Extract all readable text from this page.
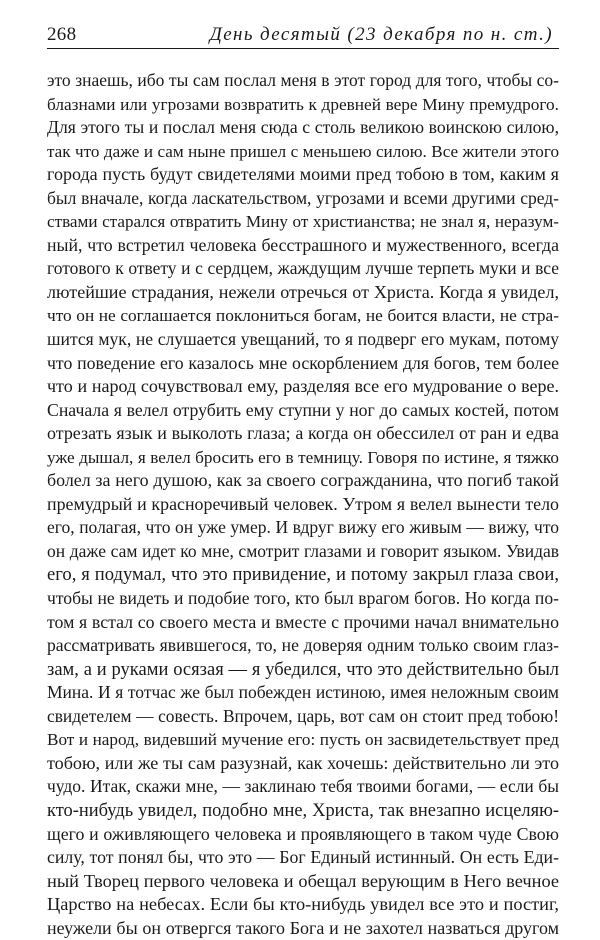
268	День десятый (23 декабря по н. ст.)
это знаешь, ибо ты сам послал меня в этот город для того, чтобы со-
блазнами или угрозами возвратить к древней вере Мину премудрого.
Для этого ты и послал меня сюда с столь великою воинскою силою,
так что даже и сам ныне пришел с меньшею силою. Все жители этого
города пусть будут свидетелями моими пред тобою в том, каким я
был вначале, когда ласкательством, угрозами и всеми другими сред-
ствами старался отвратить Мину от христианства; не знал я, неразум-
ный, что встретил человека бесстрашного и мужественного, всегда
готового к ответу и с сердцем, жаждущим лучше терпеть муки и все
лютейшие страдания, нежели отречься от Христа. Когда я увидел,
что он не соглашается поклониться богам, не боится власти, не стра-
шится мук, не слушается увещаний, то я подверг его мукам, потому
что поведение его казалось мне оскорблением для богов, тем более
что и народ сочувствовал ему, разделяя все его мудрование о вере.
Сначала я велел отрубить ему ступни у ног до самых костей, потом
отрезать язык и выколоть глаза; а когда он обессилел от ран и едва
уже дышал, я велел бросить его в темницу. Говоря по истине, я тяжко
болел за него душою, как за своего согражданина, что погиб такой
премудрый и красноречивый человек. Утром я велел вынести тело
его, полагая, что он уже умер. И вдруг вижу его живым — вижу, что
он даже сам идет ко мне, смотрит глазами и говорит языком. Увидав
его, я подумал, что это привидение, и потому закрыл глаза свои,
чтобы не видеть и подобие того, кто был врагом богов. Но когда по-
том я встал со своего места и вместе с прочими начал внимательно
рассматривать явившегося, то, не доверяя одним только своим глаз-
зам, а и руками осязая — я убедился, что это действительно был
Мина. И я тотчас же был побежден истиною, имея неложным своим
свидетелем — совесть. Впрочем, царь, вот сам он стоит пред тобою!
Вот и народ, видевший мучение его: пусть он засвидетельствует пред
тобою, или же ты сам разузнай, как хочешь: действительно ли это
чудо. Итак, скажи мне, — заклинаю тебя твоими богами, — если бы
кто-нибудь увидел, подобно мне, Христа, так внезапно исцеляю-
щего и оживляющего человека и проявляющего в таком чуде Свою
силу, тот понял бы, что это — Бог Единый истинный. Он есть Еди-
ный Творец первого человека и обещал верующим в Него вечное
Царство на небесах. Если бы кто-нибудь увидел все это и постиг,
неужели бы он отвергся такого Бога и не захотел назваться другом
